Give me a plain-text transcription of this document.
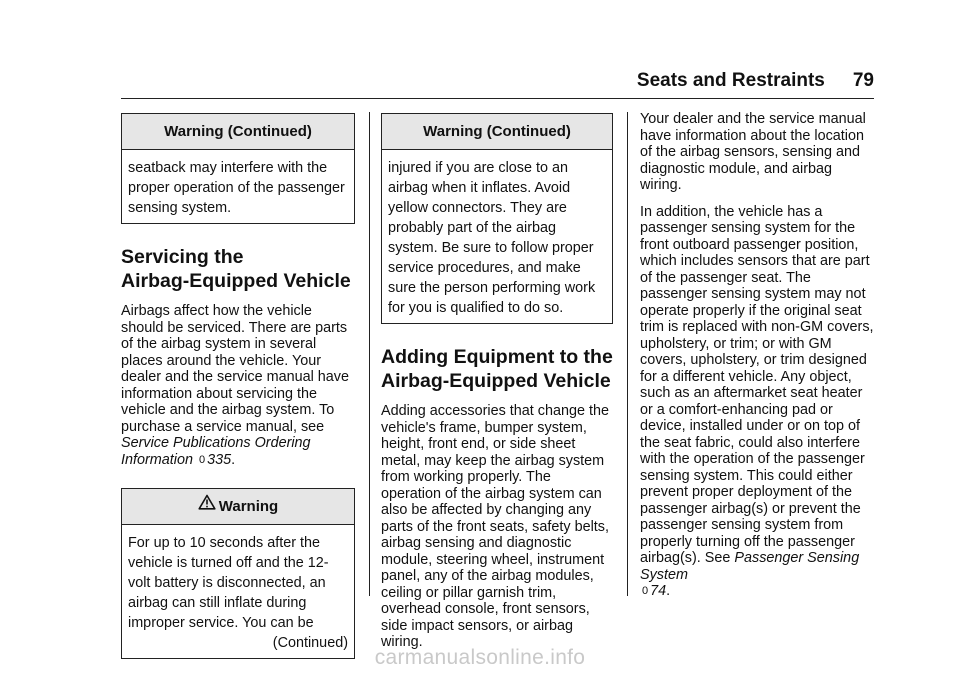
Seats and Restraints 79
Warning (Continued)
seatback may interfere with the proper operation of the passenger sensing system.
Servicing the
Airbag-Equipped Vehicle

Airbags affect how the vehicle should be serviced. There are parts of the airbag system in several places around the vehicle. Your dealer and the service manual have information about servicing the vehicle and the airbag system. To purchase a service manual, see Service Publications Ordering Information 0 335.

Warning
For up to 10 seconds after the vehicle is turned off and the 12-volt battery is disconnected, an airbag can still inflate during improper service. You can be
(Continued)
Warning (Continued)
injured if you are close to an airbag when it inflates. Avoid yellow connectors. They are probably part of the airbag system. Be sure to follow proper service procedures, and make sure the person performing work for you is qualified to do so.
Adding Equipment to the
Airbag-Equipped Vehicle

Adding accessories that change the vehicle's frame, bumper system, height, front end, or side sheet metal, may keep the airbag system from working properly. The operation of the airbag system can also be affected by changing any parts of the front seats, safety belts, airbag sensing and diagnostic module, steering wheel, instrument panel, any of the airbag modules, ceiling or pillar garnish trim, overhead console, front sensors, side impact sensors, or airbag wiring.

Your dealer and the service manual have information about the location of the airbag sensors, sensing and diagnostic module, and airbag wiring.

In addition, the vehicle has a passenger sensing system for the front outboard passenger position, which includes sensors that are part of the passenger seat. The passenger sensing system may not operate properly if the original seat trim is replaced with non-GM covers, upholstery, or trim; or with GM covers, upholstery, or trim designed for a different vehicle. Any object, such as an aftermarket seat heater or a comfort-enhancing pad or device, installed under or on top of the seat fabric, could also interfere with the operation of the passenger sensing system. This could either prevent proper deployment of the passenger airbag(s) or prevent the passenger sensing system from properly turning off the passenger airbag(s). See Passenger Sensing System
0 74.

carmanualsonline.info
